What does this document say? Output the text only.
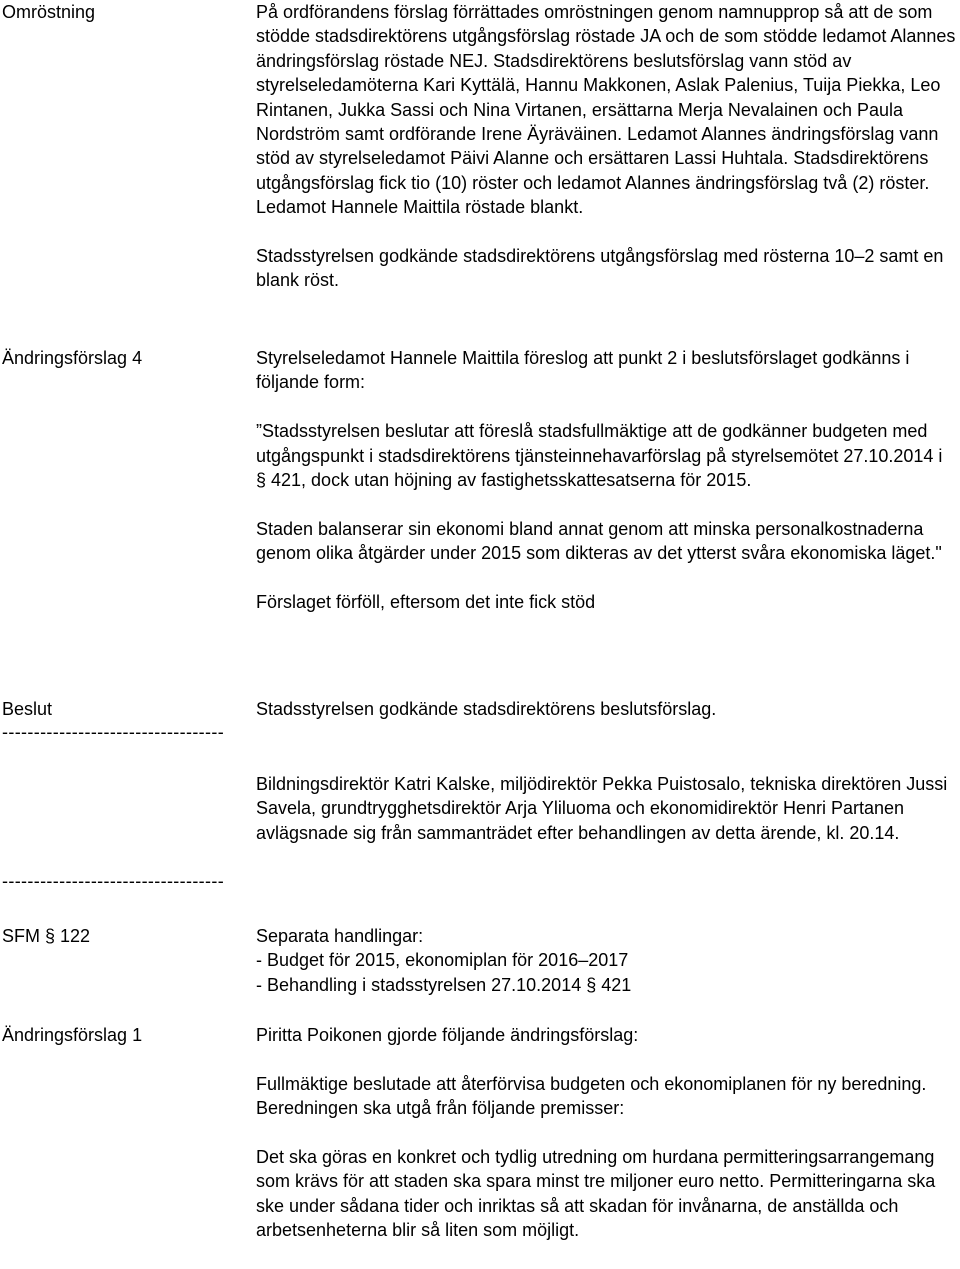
Omröstning	På ordförandens förslag förrättades omröstningen genom namnupprop så att de som stödde stadsdirektörens utgångsförslag röstade JA och de som stödde ledamot Alannes ändringsförslag röstade NEJ. Stadsdirektörens beslutsförslag vann stöd av styrelseledamöterna Kari Kyttälä, Hannu Makkonen, Aslak Palenius, Tuija Piekka, Leo Rintanen, Jukka Sassi och Nina Virtanen, ersättarna Merja Nevalainen och Paula Nordström samt ordförande Irene Äyräväinen. Ledamot Alannes ändringsförslag vann stöd av styrelseledamot Päivi Alanne och ersättaren Lassi Huhtala. Stadsdirektörens utgångsförslag fick tio (10) röster och ledamot Alannes ändringsförslag två (2) röster. Ledamot Hannele Maittila röstade blankt.

Stadsstyrelsen godkände stadsdirektörens utgångsförslag med rösterna 10–2 samt en blank röst.

Ändringsförslag 4	Styrelseledamot Hannele Maittila föreslog att punkt 2 i beslutsförslaget godkänns i följande form:

”Stadsstyrelsen beslutar att föreslå stadsfullmäktige att de godkänner budgeten med utgångspunkt i stadsdirektörens tjänsteinnehavarförslag på styrelsemötet 27.10.2014 i § 421, dock utan höjning av fastighetsskattesatserna för 2015.

Staden balanserar sin ekonomi bland annat genom att minska personalkostnaderna genom olika åtgärder under 2015 som dikteras av det ytterst svåra ekonomiska läget."

Förslaget förföll, eftersom det inte fick stöd

Beslut	Stadsstyrelsen godkände stadsdirektörens beslutsförslag.

-----------------------------------

Bildningsdirektör Katri Kalske, miljödirektör Pekka Puistosalo, tekniska direktören Jussi Savela, grundtrygghetsdirektör Arja Yliluoma och ekonomidirektör Henri Partanen avlägsnade sig från sammanträdet efter behandlingen av detta ärende, kl. 20.14.

-----------------------------------
SFM § 122	Separata handlingar:
- Budget för 2015, ekonomiplan för 2016–2017
- Behandling i stadsstyrelsen 27.10.2014 § 421
Ändringsförslag 1	Piritta Poikonen gjorde följande ändringsförslag:

Fullmäktige beslutade att återförvisa budgeten och ekonomiplanen för ny beredning. Beredningen ska utgå från följande premisser:

Det ska göras en konkret och tydlig utredning om hurdana permitteringsarrangemang som krävs för att staden ska spara minst tre miljoner euro netto. Permitteringarna ska ske under sådana tider och inriktas så att skadan för invånarna, de anställda och arbetsenheterna blir så liten som möjligt.
